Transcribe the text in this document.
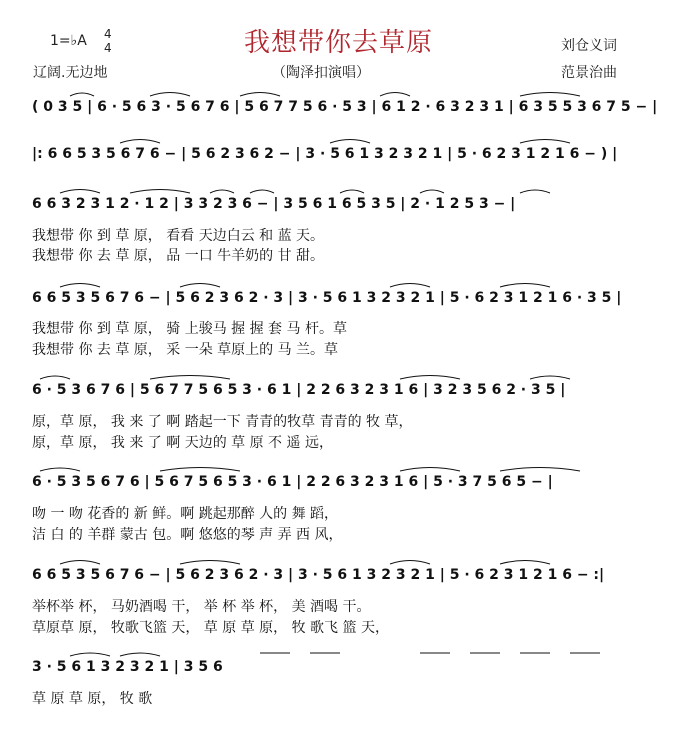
1=♭A 4
4	我想带你去草原	刘仓义词
辽阔.无边地	（陶泽扣演唱）	范景治曲
( 0 3 5 | 6 · 5 6 3 · 5 6 7 6 | 5 6 7 7 5 6 · 5 3 | 6 1 2 · 6 3 2 3 1 | 6 3 5 5 3 6 7 5 − |
|: 6 6 5 3 5 6 7 6 − | 5 6 2 3 6 2 − | 3 · 5 6 1 3 2 3 2 1 | 5 · 6 2 3 1 2 1 6 − ) |
6 6 3 2 3 1 2 · 1 2 | 3 3 2 3 6 − | 3 5 6 1 6 5 3 5 | 2 · 1 2 5 3 − |
我想带 你 到 草 原， 看看 天边白云 和 蓝 天。
我想带 你 去 草 原， 品 一口 牛羊奶的 甘 甜。
6 6 5 3 5 6 7 6 − | 5 6 2 3 6 2 · 3 | 3 · 5 6 1 3 2 3 2 1 | 5 · 6 2 3 1 2 1 6 · 3 5 |
我想带 你 到 草 原， 骑 上骏马 握 握 套 马 杆。草
我想带 你 去 草 原， 采 一朵 草原上的 马 兰。草
6 · 5 3 6 7 6 | 5 6 7 7 5 6 5 3 · 6 1 | 2 2 6 3 2 3 1 6 | 3 2 3 5 6 2 · 3 5 |
原，草 原， 我 来 了 啊 踏起一下 青青的牧草 青青的 牧 草，
原，草 原， 我 来 了 啊 天边的 草 原 不 遥 远，
6 · 5 3 5 6 7 6 | 5 6 7 5 6 5 3 · 6 1 | 2 2 6 3 2 3 1 6 | 5 · 3 7 5 6 5 − |
吻 一 吻 花香的 新 鲜。啊 跳起那醉 人的 舞 蹈，
洁 白 的 羊群 蒙古 包。啊 悠悠的琴 声 弄 西 风，
6 6 5 3 5 6 7 6 − | 5 6 2 3 6 2 · 3 | 3 · 5 6 1 3 2 3 2 1 | 5 · 6 2 3 1 2 1 6 − :|
举杯举 杯， 马奶酒喝 干， 举 杯 举 杯， 美 酒喝 干。
草原草 原， 牧歌飞篮 天， 草 原 草 原， 牧 歌飞 篮 天，
3 · 5 6 1 3 2 3 2 1 | 3 5 6
草 原 草 原， 牧 歌
